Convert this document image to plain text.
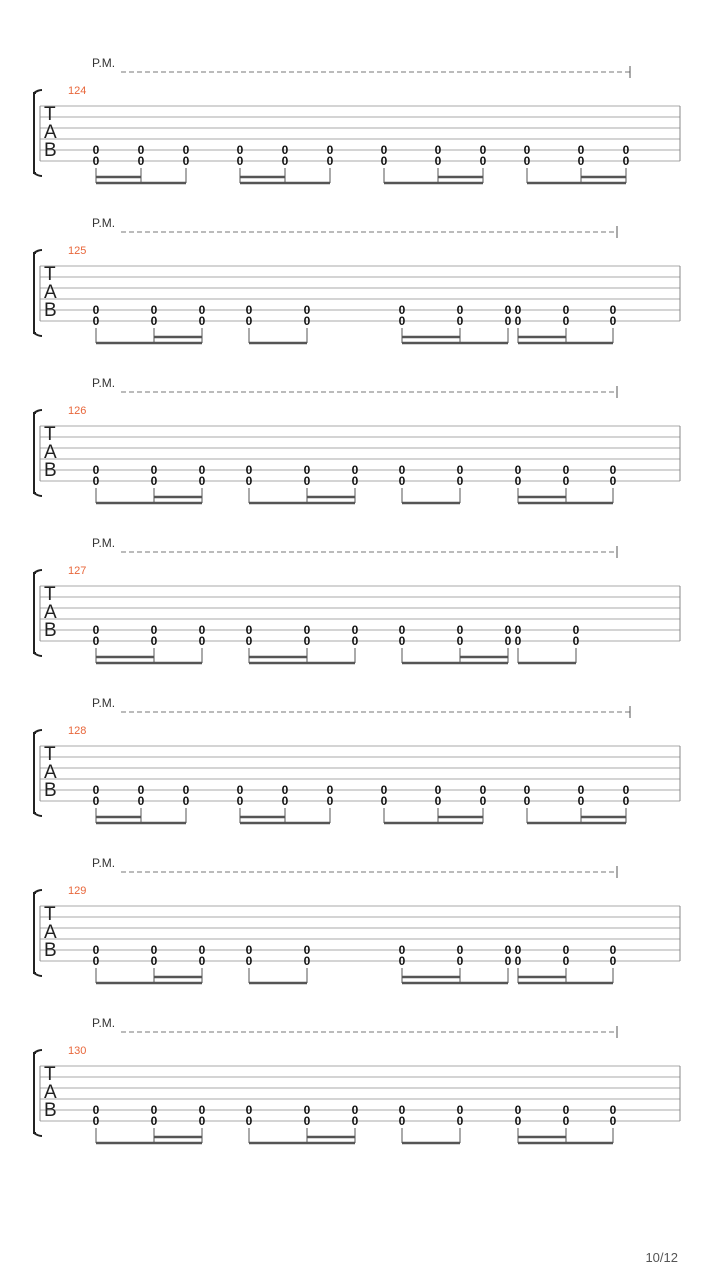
P.M.
124
T
A
B	0
0
0
0
0
0
0
0
0
0
0
0
0
0
0
0
0
0
0
0
0
0
0
0
P.M.
125
T
A
B	0
0
0
0
0
0
0
0
0
0
0
0
0
0
0
0
0
0
0
0
0
0
P.M.
126
T
A
B	0
0
0
0
0
0
0
0
0
0
0
0
0
0
0
0
0
0
0
0
0
0
P.M.
127
T
A
B	0
0
0
0
0
0
0
0
0
0
0
0
0
0
0
0
0
0
0
0
0
0
P.M.
128
T
A
B	0
0
0
0
0
0
0
0
0
0
0
0
0
0
0
0
0
0
0
0
0
0
0
0
P.M.
129
T
A
B	0
0
0
0
0
0
0
0
0
0
0
0
0
0
0
0
0
0
0
0
0
0
P.M.
130
T
A
B	0
0
0
0
0
0
0
0
0
0
0
0
0
0
0
0
0
0
0
0
0
0
10/12
